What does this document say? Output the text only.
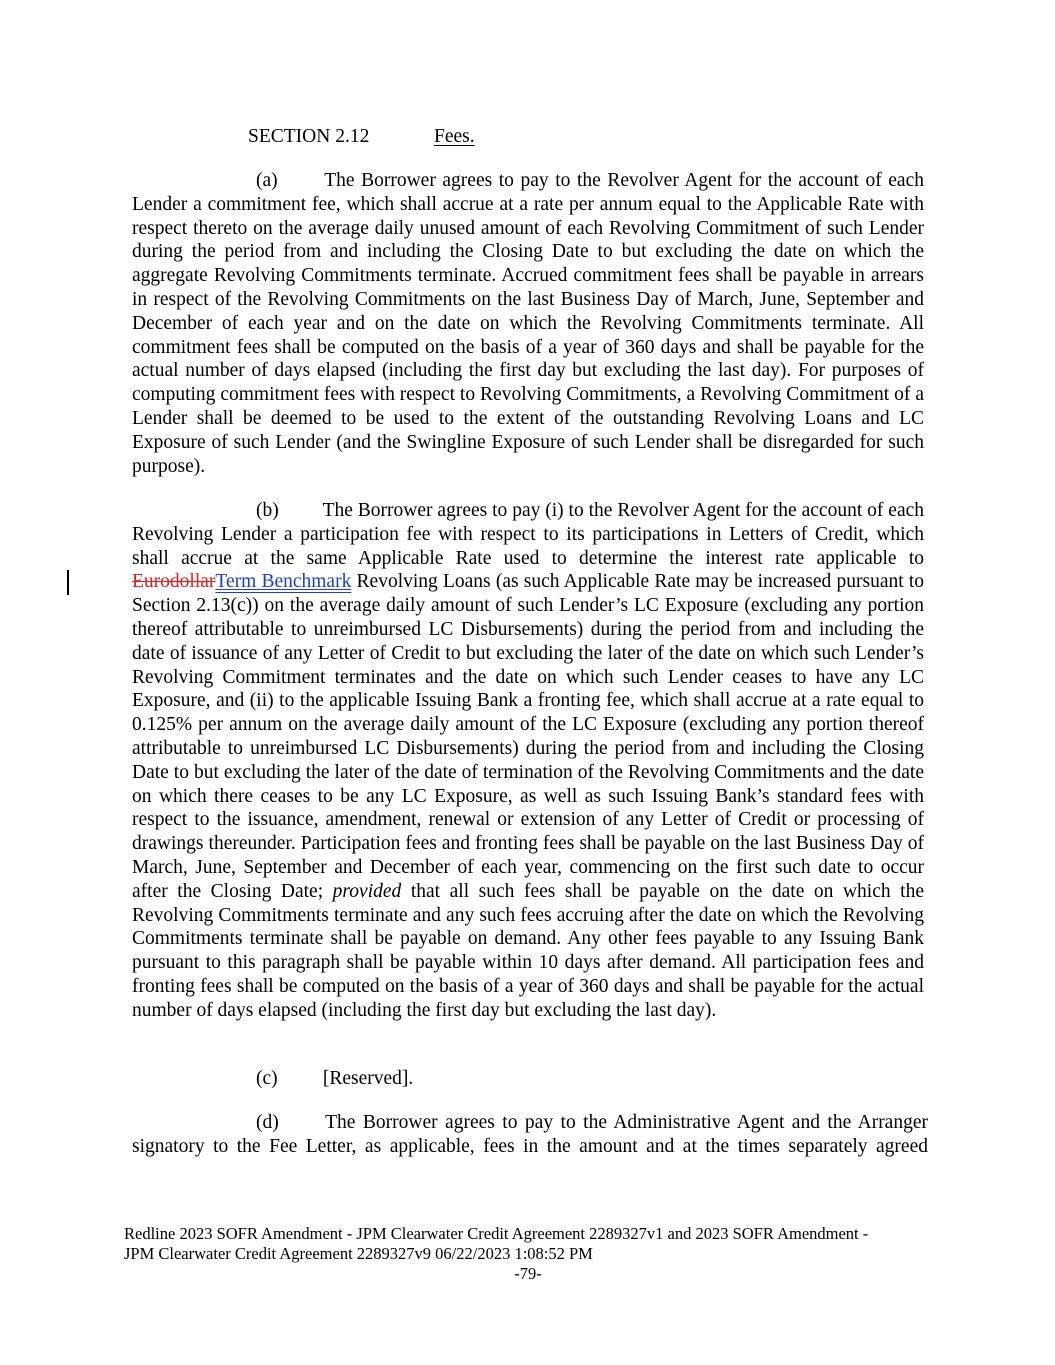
SECTION 2.12	Fees.

(a) The Borrower agrees to pay to the Revolver Agent for the account of each Lender a commitment fee, which shall accrue at a rate per annum equal to the Applicable Rate with respect thereto on the average daily unused amount of each Revolving Commitment of such Lender during the period from and including the Closing Date to but excluding the date on which the aggregate Revolving Commitments terminate. Accrued commitment fees shall be payable in arrears in respect of the Revolving Commitments on the last Business Day of March, June, September and December of each year and on the date on which the Revolving Commitments terminate. All commitment fees shall be computed on the basis of a year of 360 days and shall be payable for the actual number of days elapsed (including the first day but excluding the last day). For purposes of computing commitment fees with respect to Revolving Commitments, a Revolving Commitment of a Lender shall be deemed to be used to the extent of the outstanding Revolving Loans and LC Exposure of such Lender (and the Swingline Exposure of such Lender shall be disregarded for such purpose).

(b) The Borrower agrees to pay (i) to the Revolver Agent for the account of each Revolving Lender a participation fee with respect to its participations in Letters of Credit, which shall accrue at the same Applicable Rate used to determine the interest rate applicable to EurodollarTerm Benchmark Revolving Loans (as such Applicable Rate may be increased pursuant to Section 2.13(c)) on the average daily amount of such Lender’s LC Exposure (excluding any portion thereof attributable to unreimbursed LC Disbursements) during the period from and including the date of issuance of any Letter of Credit to but excluding the later of the date on which such Lender’s Revolving Commitment terminates and the date on which such Lender ceases to have any LC Exposure, and (ii) to the applicable Issuing Bank a fronting fee, which shall accrue at a rate equal to 0.125% per annum on the average daily amount of the LC Exposure (excluding any portion thereof attributable to unreimbursed LC Disbursements) during the period from and including the Closing Date to but excluding the later of the date of termination of the Revolving Commitments and the date on which there ceases to be any LC Exposure, as well as such Issuing Bank’s standard fees with respect to the issuance, amendment, renewal or extension of any Letter of Credit or processing of drawings thereunder. Participation fees and fronting fees shall be payable on the last Business Day of March, June, September and December of each year, commencing on the first such date to occur after the Closing Date; provided that all such fees shall be payable on the date on which the Revolving Commitments terminate and any such fees accruing after the date on which the Revolving Commitments terminate shall be payable on demand. Any other fees payable to any Issuing Bank pursuant to this paragraph shall be payable within 10 days after demand. All participation fees and fronting fees shall be computed on the basis of a year of 360 days and shall be payable for the actual number of days elapsed (including the first day but excluding the last day).

(c) [Reserved].

(d) The Borrower agrees to pay to the Administrative Agent and the Arranger signatory to the Fee Letter, as applicable, fees in the amount and at the times separately agreed

Redline 2023 SOFR Amendment - JPM Clearwater Credit Agreement 2289327v1 and 2023 SOFR Amendment -
JPM Clearwater Credit Agreement 2289327v9 06/22/2023 1:08:52 PM
-79-
